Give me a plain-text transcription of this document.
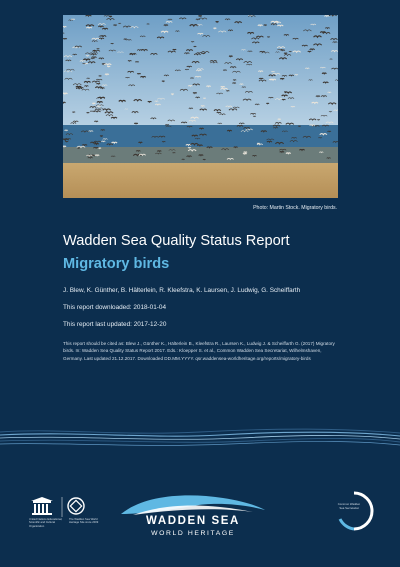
Photo: Martin Stock. Migratory birds.
Wadden Sea Quality Status Report
Migratory birds
J. Blew, K. Günther, B. Hälterlein, R. Kleefstra, K. Laursen, J. Ludwig, G. Scheiffarth
This report downloaded: 2018-01-04
This report last updated: 2017-12-20

This report should be cited as: Blew J., Günther K., Hälterlein B., Kleefstra R., Laursen K., Ludwig J. & Scheiffarth G. (2017) Migratory birds. In: Wadden Sea Quality Status Report 2017. Eds.: Kloepper S. et al., Common Wadden Sea Secretariat, Wilhelmshaven, Germany. Last updated 21.12.2017. Downloaded DD.MM.YYYY. qsr.waddensea-worldheritage.org/reports/migratory-birds

United Nations Educational, Scientific and Cultural Organization
The Wadden Sea World Heritage Site since 2009	WADDEN SEA
WORLD HERITAGE
Common Wadden Sea Secretariat
